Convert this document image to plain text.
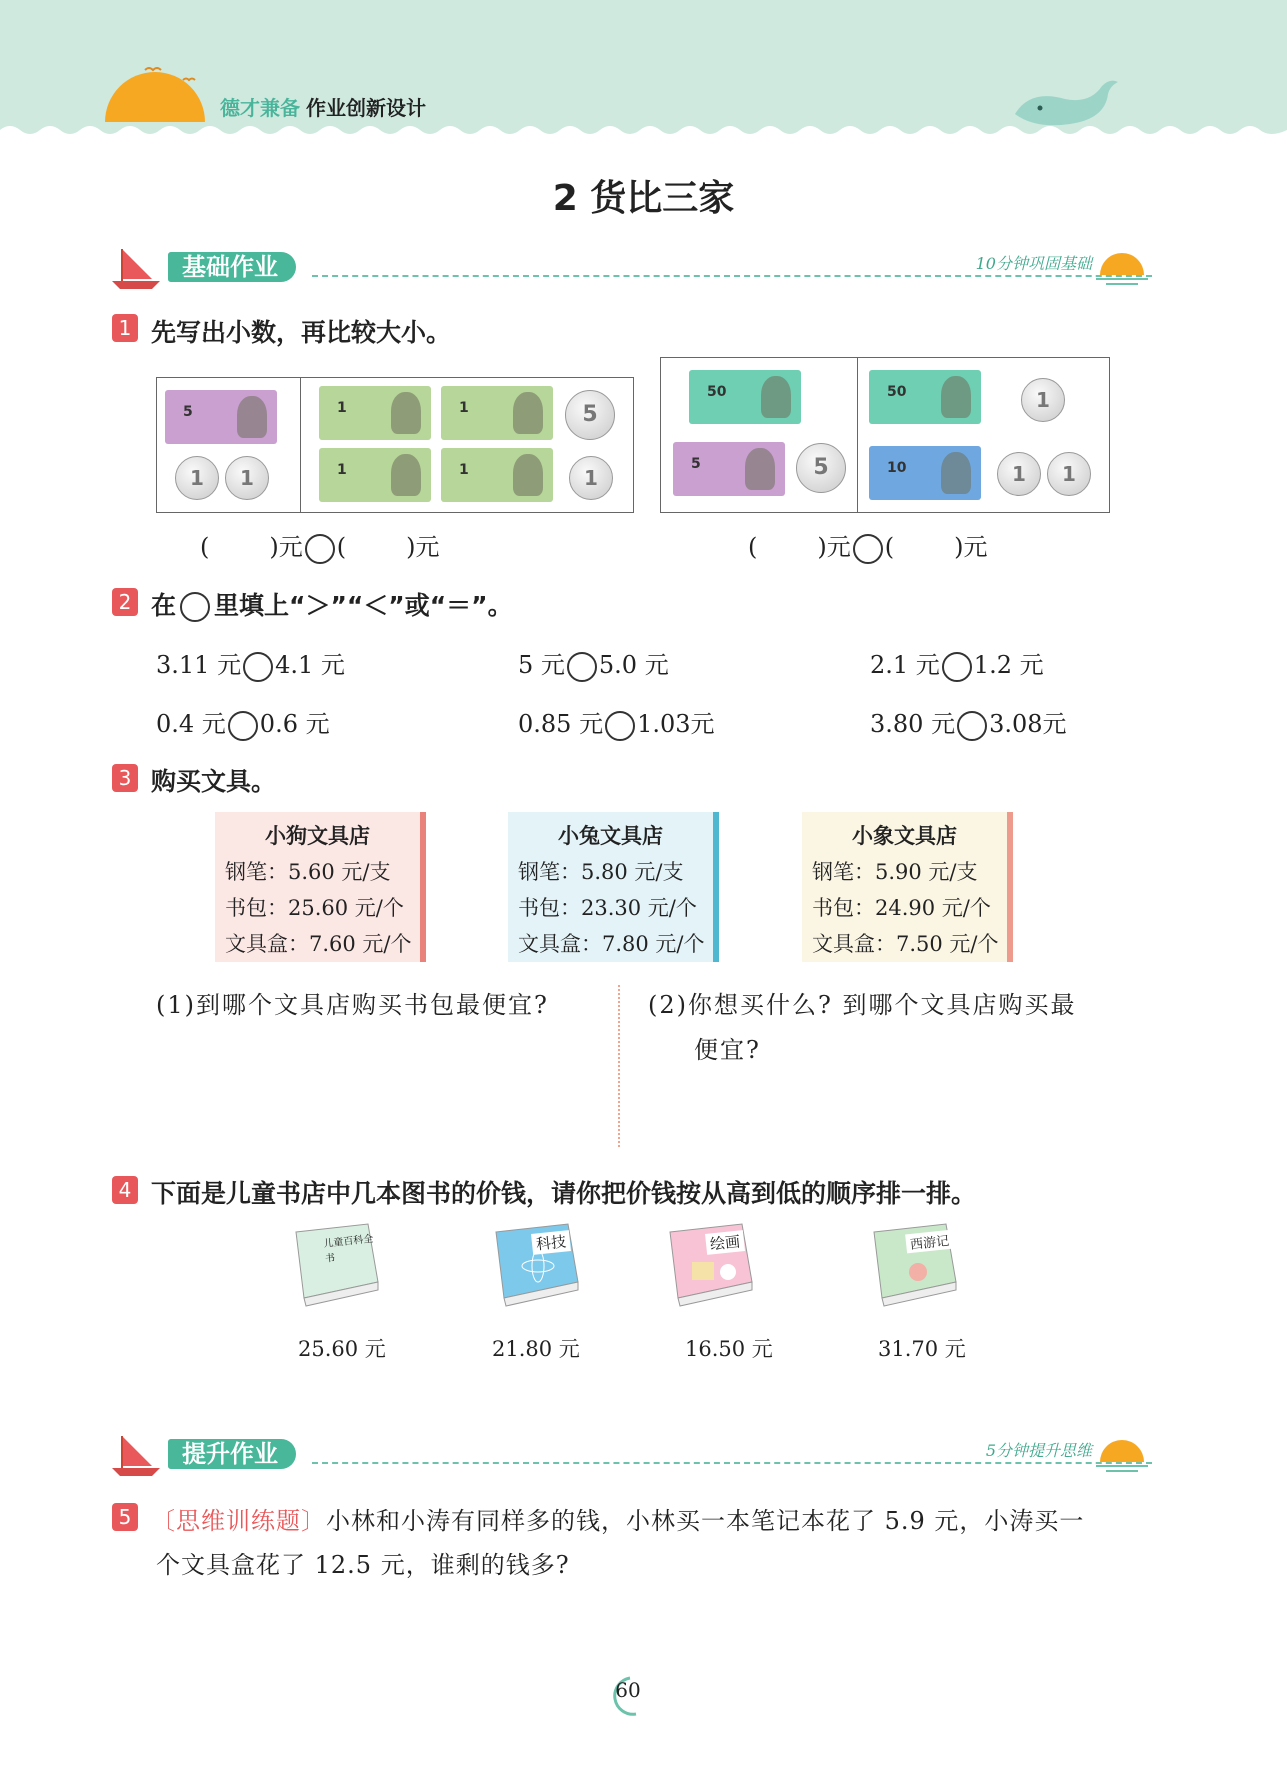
德才兼备 作业创新设计
2 货比三家
基础作业	10分钟巩固基础
1 先写出小数，再比较大小。
5
1	1
1	1	5
1	1	1
50
5	5
50	1
10	1	1
(	)元 (	)元	(	)元 (	)元
2 在 里填上“＞”“＜”或“＝”。
3.11 元 4.1 元	5 元 5.0 元	2.1 元 1.2 元
0.4 元 0.6 元	0.85 元 1.03元	3.80 元 3.08元
3 购买文具。
小狗文具店
钢笔：5.60 元/支
书包：25.60 元/个
文具盒：7.60 元/个
小兔文具店
钢笔：5.80 元/支
书包：23.30 元/个
文具盒：7.80 元/个
小象文具店
钢笔：5.90 元/支
书包：24.90 元/个
文具盒：7.50 元/个
(1)到哪个文具店购买书包最便宜?	(2)你想买什么? 到哪个文具店购买最
便宜?
4 下面是儿童书店中几本图书的价钱，请你把价钱按从高到低的顺序排一排。
儿童百科全书
科技	绘画	西游记
25.60 元	21.80 元	16.50 元	31.70 元
提升作业	5分钟提升思维
5 〔思维训练题〕小林和小涛有同样多的钱，小林买一本笔记本花了 5.9 元，小涛买一
个文具盒花了 12.5 元，谁剩的钱多?
60
